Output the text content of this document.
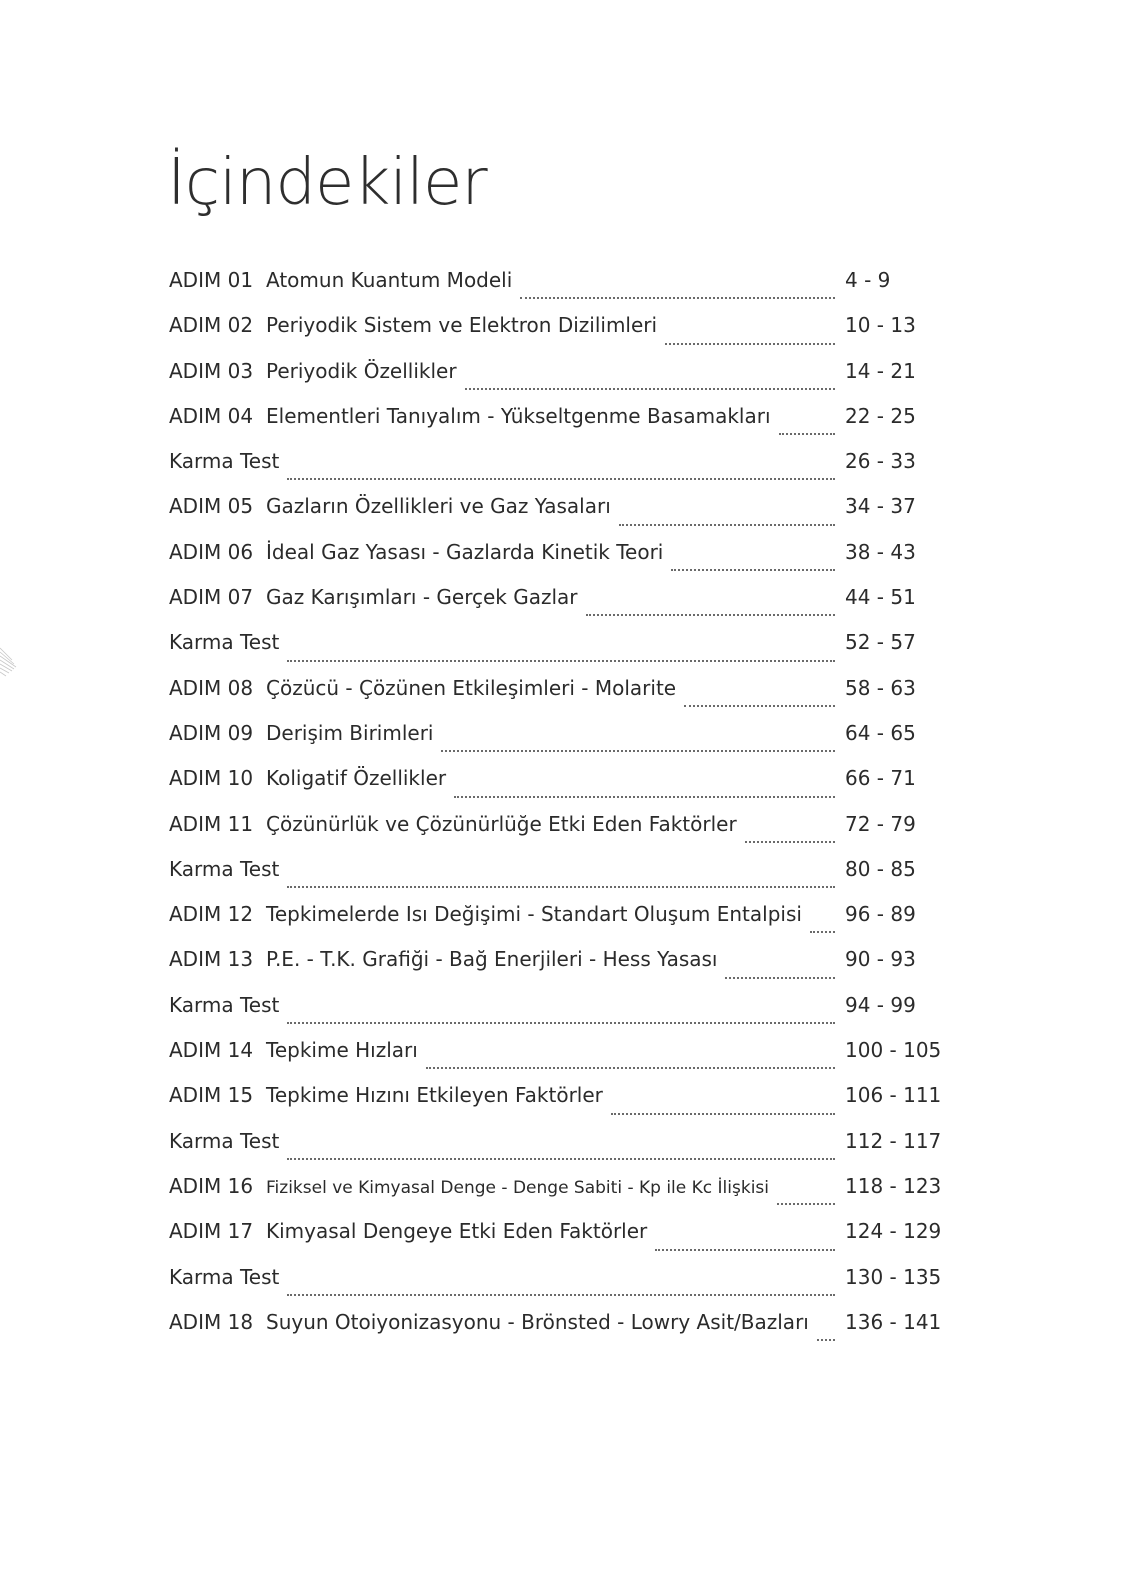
İçindekiler
ADIM 01 Atomun Kuantum Modeli	4 - 9
ADIM 02 Periyodik Sistem ve Elektron Dizilimleri	10 - 13
ADIM 03 Periyodik Özellikler	14 - 21
ADIM 04 Elementleri Tanıyalım - Yükseltgenme Basamakları	22 - 25
Karma Test	26 - 33
ADIM 05 Gazların Özellikleri ve Gaz Yasaları	34 - 37
ADIM 06 İdeal Gaz Yasası - Gazlarda Kinetik Teori	38 - 43
ADIM 07 Gaz Karışımları - Gerçek Gazlar	44 - 51
Karma Test	52 - 57
ADIM 08 Çözücü - Çözünen Etkileşimleri - Molarite	58 - 63
ADIM 09 Derişim Birimleri	64 - 65
ADIM 10 Koligatif Özellikler	66 - 71
ADIM 11 Çözünürlük ve Çözünürlüğe Etki Eden Faktörler	72 - 79
Karma Test	80 - 85
ADIM 12 Tepkimelerde Isı Değişimi - Standart Oluşum Entalpisi 96 - 89
ADIM 13 P.E. - T.K. Grafiği - Bağ Enerjileri - Hess Yasası	90 - 93
Karma Test	94 - 99
ADIM 14 Tepkime Hızları	100 - 105
ADIM 15 Tepkime Hızını Etkileyen Faktörler	106 - 111
Karma Test	112 - 117
ADIM 16 Fiziksel ve Kimyasal Denge - Denge Sabiti - Kp ile Kc İlişkisi	118 - 123
ADIM 17 Kimyasal Dengeye Etki Eden Faktörler	124 - 129
Karma Test	130 - 135
ADIM 18 Suyun Otoiyonizasyonu - Brönsted - Lowry Asit/Bazları 136 - 141
